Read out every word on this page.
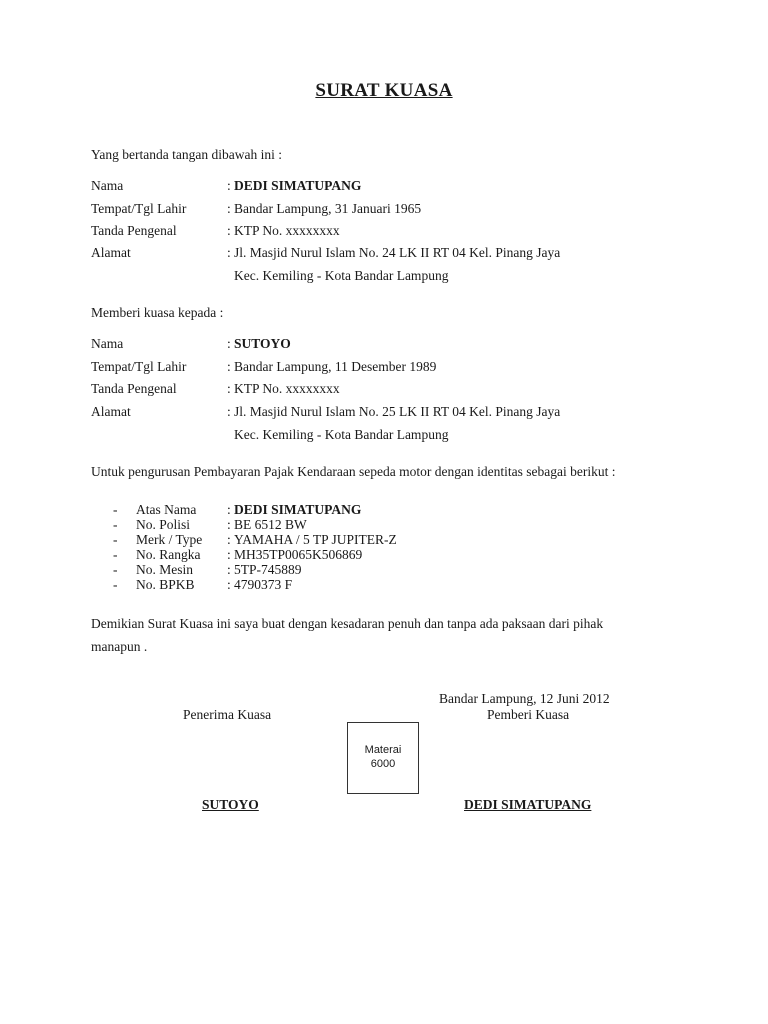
SURAT KUASA
Yang bertanda tangan dibawah ini :
Nama	: DEDI SIMATUPANG
Tempat/Tgl Lahir	: Bandar Lampung, 31 Januari 1965
Tanda Pengenal	: KTP No. xxxxxxxx
Alamat	: Jl. Masjid Nurul Islam No. 24 LK II RT 04 Kel. Pinang Jaya
Kec. Kemiling - Kota Bandar Lampung
Memberi kuasa kepada :
Nama	: SUTOYO
Tempat/Tgl Lahir	: Bandar Lampung, 11 Desember 1989
Tanda Pengenal	: KTP No. xxxxxxxx
Alamat	: Jl. Masjid Nurul Islam No. 25 LK II RT 04 Kel. Pinang Jaya
Kec. Kemiling - Kota Bandar Lampung
Untuk pengurusan Pembayaran Pajak Kendaraan sepeda motor dengan identitas sebagai berikut :
- Atas Nama : DEDI SIMATUPANG
- No. Polisi	: BE 6512 BW
- Merk / Type : YAMAHA / 5 TP JUPITER-Z
- No. Rangka : MH35TP0065K506869
- No. Mesin	: 5TP-745889
- No. BPKB : 4790373 F
Demikian Surat Kuasa ini saya buat dengan kesadaran penuh dan tanpa ada paksaan dari pihak
manapun .
Bandar Lampung, 12 Juni 2012
Penerima Kuasa	Pemberi Kuasa
Materai
6000
SUTOYO	DEDI SIMATUPANG
